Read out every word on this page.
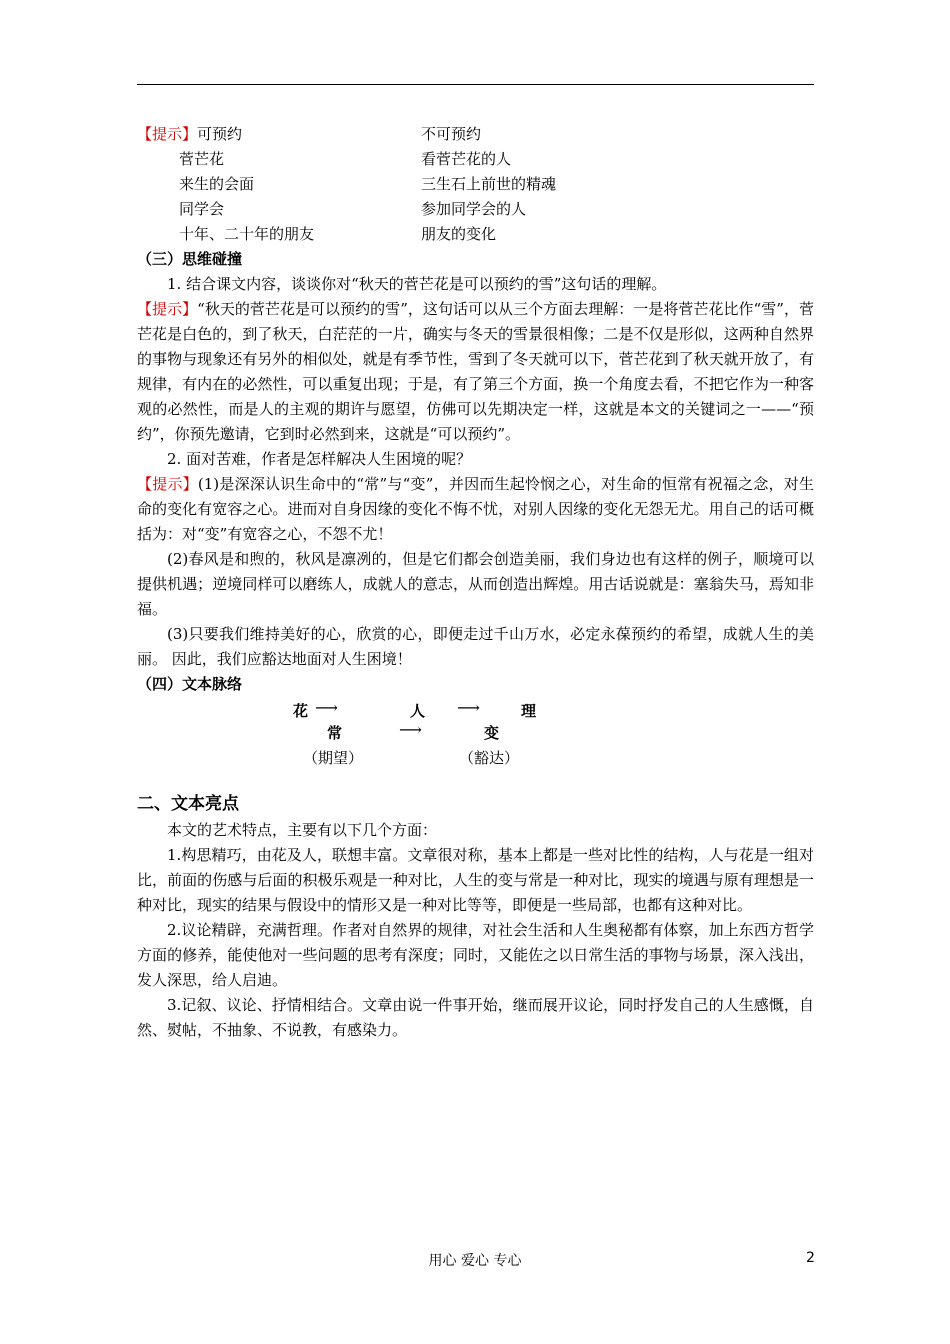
【提示】可预约	不可预约
菅芒花	看菅芒花的人
来生的会面	三生石上前世的精魂
同学会	参加同学会的人
十年、二十年的朋友	朋友的变化
（三）思维碰撞

1. 结合课文内容，谈谈你对“秋天的菅芒花是可以预约的雪”这句话的理解。

【提示】“秋天的菅芒花是可以预约的雪”，这句话可以从三个方面去理解：一是将菅芒花比作“雪”，菅芒花是白色的，到了秋天，白茫茫的一片，确实与冬天的雪景很相像；二是不仅是形似，这两种自然界的事物与现象还有另外的相似处，就是有季节性，雪到了冬天就可以下，菅芒花到了秋天就开放了，有规律，有内在的必然性，可以重复出现；于是，有了第三个方面，换一个角度去看，不把它作为一种客观的必然性，而是人的主观的期许与愿望，仿佛可以先期决定一样，这就是本文的关键词之一——“预约”，你预先邀请，它到时必然到来，这就是“可以预约”。

2. 面对苦难，作者是怎样解决人生困境的呢？

【提示】(1)是深深认识生命中的“常”与“变”，并因而生起怜悯之心，对生命的恒常有祝福之念，对生命的变化有宽容之心。进而对自身因缘的变化不悔不忧，对别人因缘的变化无怨无尤。用自己的话可概括为：对“变”有宽容之心，不怨不尤！

(2)春风是和煦的，秋风是凛冽的，但是它们都会创造美丽，我们身边也有这样的例子，顺境可以提供机遇；逆境同样可以磨练人，成就人的意志，从而创造出辉煌。用古话说就是：塞翁失马，焉知非福。

(3)只要我们维持美好的心，欣赏的心，即便走过千山万水，必定永葆预约的希望，成就人生的美丽。 因此，我们应豁达地面对人生困境！

（四）文本脉络
花 ⟶	人 ⟶	理
常	⟶	变
（期望）	（豁达）
二、文本亮点

本文的艺术特点，主要有以下几个方面：

1.构思精巧，由花及人，联想丰富。文章很对称，基本上都是一些对比性的结构，人与花是一组对比，前面的伤感与后面的积极乐观是一种对比，人生的变与常是一种对比，现实的境遇与原有理想是一种对比，现实的结果与假设中的情形又是一种对比等等，即便是一些局部，也都有这种对比。

2.议论精辟，充满哲理。作者对自然界的规律，对社会生活和人生奥秘都有体察，加上东西方哲学方面的修养，能使他对一些问题的思考有深度；同时，又能佐之以日常生活的事物与场景，深入浅出，发人深思，给人启迪。

3.记叙、议论、抒情相结合。文章由说一件事开始，继而展开议论，同时抒发自己的人生感慨，自然、熨帖，不抽象、不说教，有感染力。

用心 爱心 专心	2
